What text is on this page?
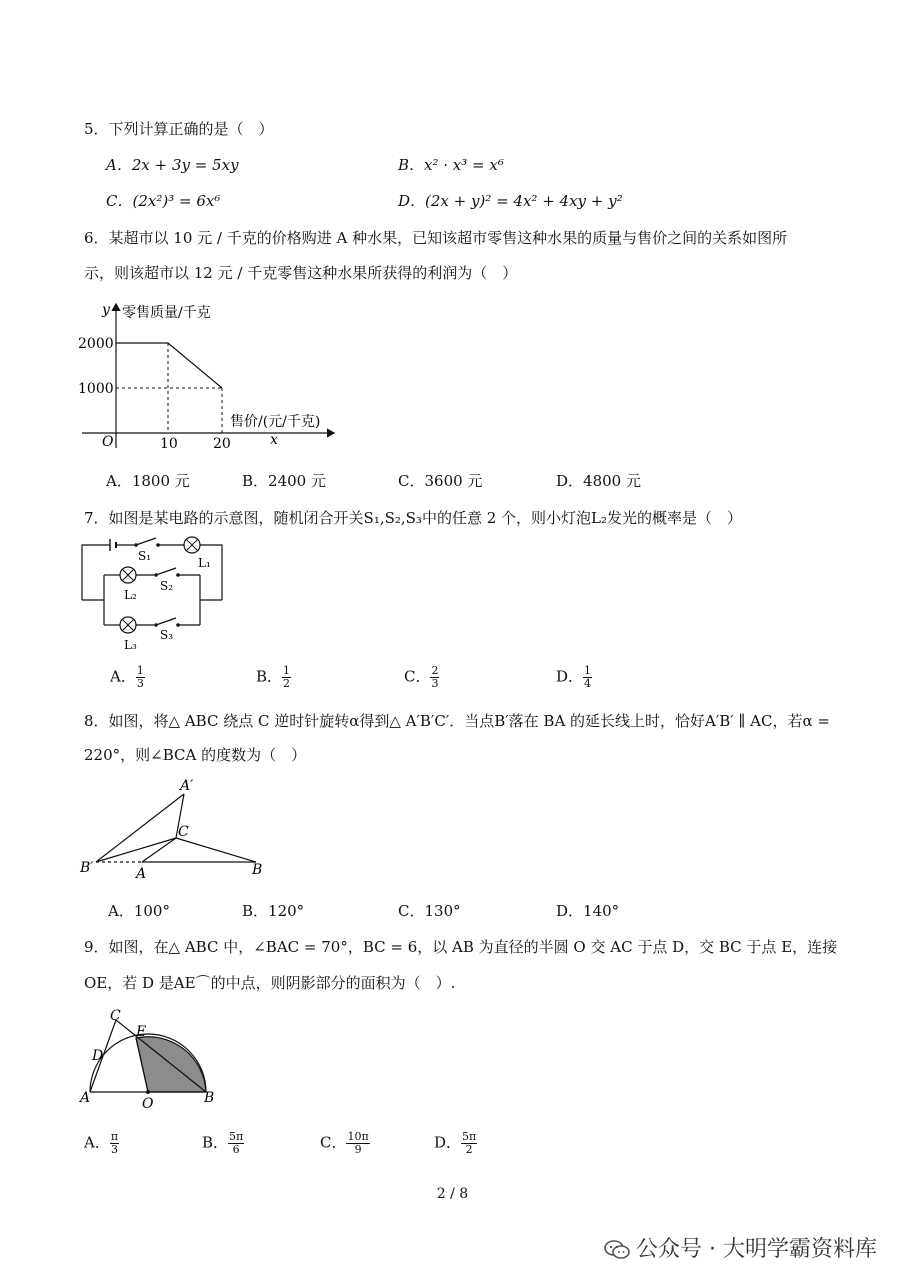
5．下列计算正确的是（　）
A．2x + 3y = 5xy	B．x² · x³ = x⁶
C．(2x²)³ = 6x⁶	D．(2x + y)² = 4x² + 4xy + y²
6．某超市以 10 元 / 千克的价格购进 A 种水果，已知该超市零售这种水果的质量与售价之间的关系如图所
示，则该超市以 12 元 / 千克零售这种水果所获得的利润为（　）
y 零售质量/千克
2000
1000
O	10	20
售价/(元/千克)
x
A．1800 元	B．2400 元	C．3600 元	D．4800 元
7．如图是某电路的示意图，随机闭合开关S₁,S₂,S₃中的任意 2 个，则小灯泡L₂发光的概率是（　）
S₁	L₁
L₂
S₂
S₃
L₃
A． $\frac{1}{3}$	B． $\frac{1}{2}$	C． $\frac{2}{3}$	D． $\frac{1}{4}$
8．如图，将△ ABC 绕点 C 逆时针旋转α得到△ A′B′C′．当点B′落在 BA 的延长线上时，恰好A′B′ ∥ AC，若α =
220°，则∠BCA 的度数为（　）
A′
C
B′	A	B
A．100°	B．120°	C．130°	D．140°
9．如图，在△ ABC 中，∠BAC = 70°，BC = 6，以 AB 为直径的半圆 O 交 AC 于点 D，交 BC 于点 E，连接
OE，若 D 是AE⌒的中点，则阴影部分的面积为（　）.
C
E
D
A	O	B
A． $\frac{\pi}{3}$	B． $\frac{5\pi}{6}$	C． $\frac{10\pi}{9}$	D． $\frac{5\pi}{2}$
2 / 8
公众号 · 大明学霸资料库
